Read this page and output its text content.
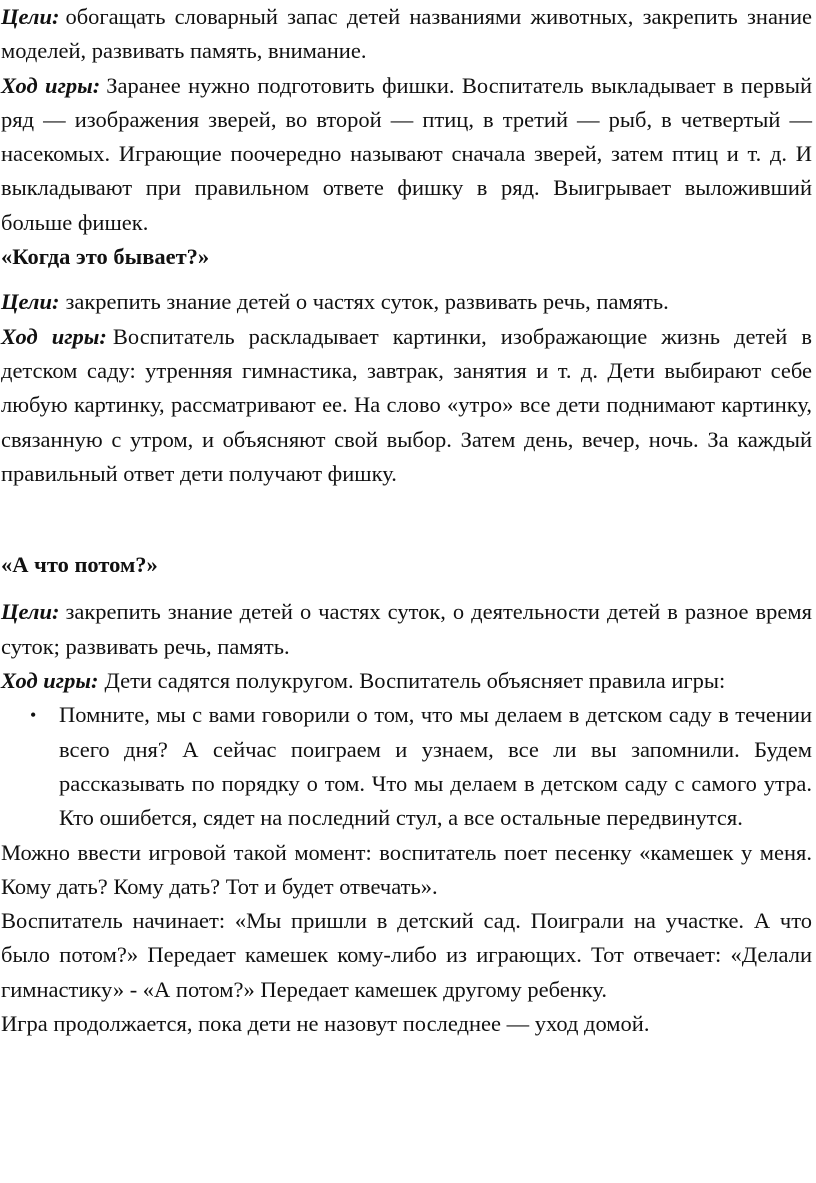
Цели: обогащать словарный запас детей названиями животных, закрепить знание моделей, развивать память, внимание.

Ход игры: Заранее нужно подготовить фишки. Воспитатель выкладывает в первый ряд — изображения зверей, во второй — птиц, в третий — рыб, в четвертый — насекомых. Играющие поочередно называют сначала зверей, затем птиц и т. д. И выкладывают при правильном ответе фишку в ряд. Выигрывает выложивший больше фишек.

«Когда это бывает?»

Цели: закрепить знание детей о частях суток, развивать речь, память.

Ход игры: Воспитатель раскладывает картинки, изображающие жизнь детей в детском саду: утренняя гимнастика, завтрак, занятия и т. д. Дети выбирают себе любую картинку, рассматривают ее. На слово «утро» все дети поднимают картинку, связанную с утром, и объясняют свой выбор. Затем день, вечер, ночь. За каждый правильный ответ дети получают фишку.

«А что потом?»

Цели: закрепить знание детей о частях суток, о деятельности детей в разное время суток; развивать речь, память.

Ход игры: Дети садятся полукругом. Воспитатель объясняет правила игры:

• Помните, мы с вами говорили о том, что мы делаем в детском саду в течении всего дня? А сейчас поиграем и узнаем, все ли вы запомнили. Будем рассказывать по порядку о том. Что мы делаем в детском саду с самого утра. Кто ошибется, сядет на последний стул, а все остальные передвинутся.

Можно ввести игровой такой момент: воспитатель поет песенку «камешек у меня. Кому дать? Кому дать? Тот и будет отвечать».

Воспитатель начинает: «Мы пришли в детский сад. Поиграли на участке. А что было потом?» Передает камешек кому-либо из играющих. Тот отвечает: «Делали гимнастику» - «А потом?» Передает камешек другому ребенку.

Игра продолжается, пока дети не назовут последнее — уход домой.
